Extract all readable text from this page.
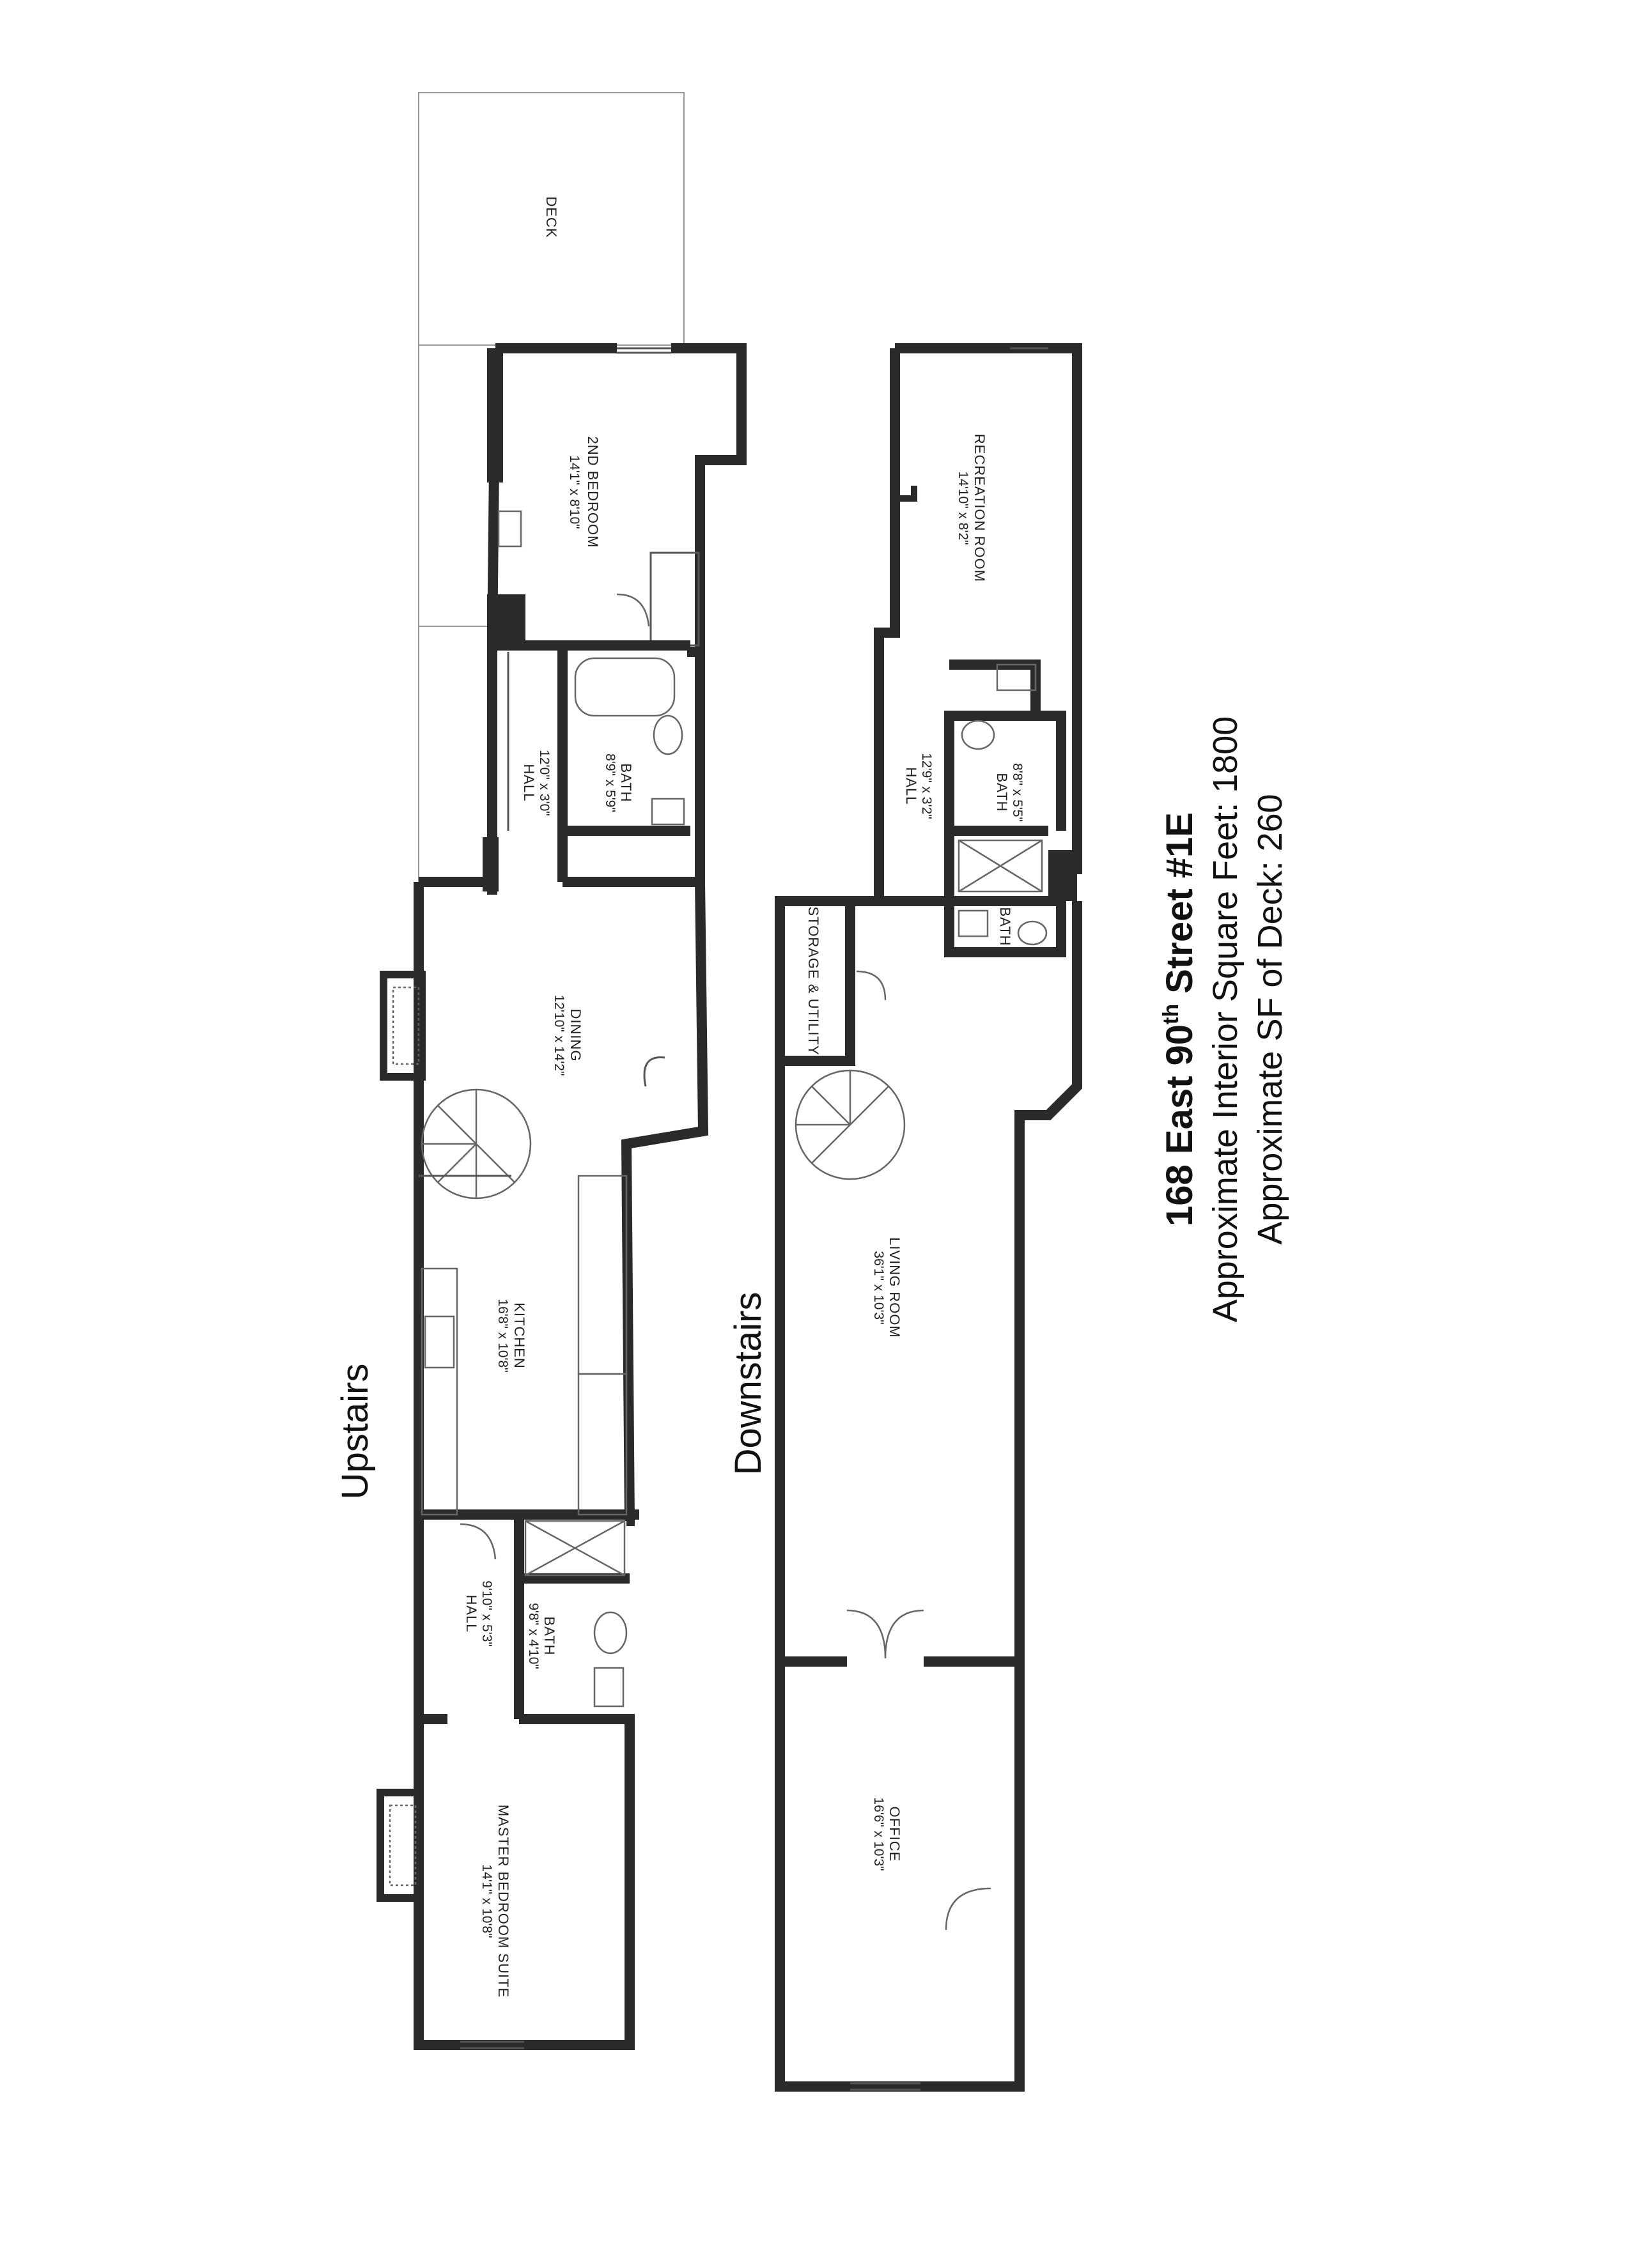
DECK
2ND BEDROOM
14'1" x 8'10"
HALL 12'0" x 3'0"	BATH
8'9" x 5'9"
DINING
12'10" x 14'2"
KITCHEN
16'8" x 10'8"
HALL 9'10" x 5'3"	BATH
9'8" x 4'10"
MASTER BEDROOM SUITE
14'1" x 10'8"
RECREATION ROOM
14'10" x 8'2"
HALL 12'9" x 3'2"	BATH 8'8" x 5'5"
BATH
STORAGE & UTILITY
LIVING ROOM
36'1" x 10'3"
OFFICE
16'6" x 10'3"
Upstairs	Downstairs
168 East 90th Street #1E Approximate Interior Square Feet: 1800 Approximate SF of Deck: 260
